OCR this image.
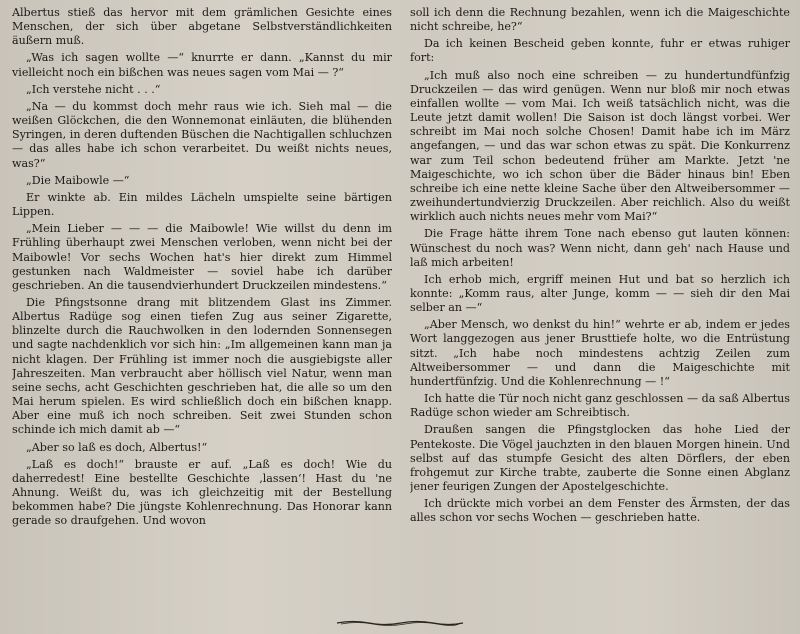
Albertus stieß das hervor mit dem grämlichen Gesichte eines Menschen, der sich über abgetane Selbstverständlichkeiten äußern muß.

„Was ich sagen wollte —“ knurrte er dann. „Kannst du mir vielleicht noch ein bißchen was neues sagen vom Mai — ?“

„Ich verstehe nicht . . .“

„Na — du kommst doch mehr raus wie ich. Sieh mal — die weißen Glöckchen, die den Wonnemonat einläuten, die blühenden Syringen, in deren duftenden Büschen die Nachtigallen schluchzen — das alles habe ich schon verarbeitet. Du weißt nichts neues, was?“

„Die Maibowle —“

Er winkte ab. Ein mildes Lächeln umspielte seine bärtigen Lippen.

„Mein Lieber — — — die Maibowle! Wie willst du denn im Frühling überhaupt zwei Menschen verloben, wenn nicht bei der Maibowle! Vor sechs Wochen hat's hier direkt zum Himmel gestunken nach Waldmeister — soviel habe ich darüber geschrieben. An die tausendvierhundert Druckzeilen mindestens.“

Die Pfingstsonne drang mit blitzendem Glast ins Zimmer. Albertus Radüge sog einen tiefen Zug aus seiner Zigarette, blinzelte durch die Rauchwolken in den lodernden Sonnensegen und sagte nachdenklich vor sich hin: „Im allgemeinen kann man ja nicht klagen. Der Frühling ist immer noch die ausgiebigste aller Jahreszeiten. Man verbraucht aber höllisch viel Natur, wenn man seine sechs, acht Geschichten geschrieben hat, die alle so um den Mai herum spielen. Es wird schließlich doch ein bißchen knapp. Aber eine muß ich noch schreiben. Seit zwei Stunden schon schinde ich mich damit ab —“

„Aber so laß es doch, Albertus!“

„Laß es doch!“ brauste er auf. „Laß es doch! Wie du daherredest! Eine bestellte Geschichte ‚lassen‘! Hast du 'ne Ahnung. Weißt du, was ich gleichzeitig mit der Bestellung bekommen habe? Die jüngste Kohlenrechnung. Das Honorar kann gerade so draufgehen. Und wovon

soll ich denn die Rechnung bezahlen, wenn ich die Maigeschichte nicht schreibe, he?“

Da ich keinen Bescheid geben konnte, fuhr er etwas ruhiger fort:

„Ich muß also noch eine schreiben — zu hundertundfünfzig Druckzeilen — das wird genügen. Wenn nur bloß mir noch etwas einfallen wollte — vom Mai. Ich weiß tatsächlich nicht, was die Leute jetzt damit wollen! Die Saison ist doch längst vorbei. Wer schreibt im Mai noch solche Chosen! Damit habe ich im März angefangen, — und das war schon etwas zu spät. Die Konkurrenz war zum Teil schon bedeutend früher am Markte. Jetzt 'ne Maigeschichte, wo ich schon über die Bäder hinaus bin! Eben schreibe ich eine nette kleine Sache über den Altweibersommer — zweihundertundvierzig Druckzeilen. Aber reichlich. Also du weißt wirklich auch nichts neues mehr vom Mai?“

Die Frage hätte ihrem Tone nach ebenso gut lauten können: Wünschest du noch was? Wenn nicht, dann geh' nach Hause und laß mich arbeiten!

Ich erhob mich, ergriff meinen Hut und bat so herzlich ich konnte: „Komm raus, alter Junge, komm — — sieh dir den Mai selber an —“

„Aber Mensch, wo denkst du hin!“ wehrte er ab, indem er jedes Wort langgezogen aus jener Brusttiefe holte, wo die Entrüstung sitzt. „Ich habe noch mindestens achtzig Zeilen zum Altweibersommer — und dann die Maigeschichte mit hundertfünfzig. Und die Kohlenrechnung — !“

Ich hatte die Tür noch nicht ganz geschlossen — da saß Albertus Radüge schon wieder am Schreibtisch.

Draußen sangen die Pfingstglocken das hohe Lied der Pentekoste. Die Vögel jauchzten in den blauen Morgen hinein. Und selbst auf das stumpfe Gesicht des alten Dörflers, der eben frohgemut zur Kirche trabte, zauberte die Sonne einen Abglanz jener feurigen Zungen der Apostelgeschichte.

Ich drückte mich vorbei an dem Fenster des Ärmsten, der das alles schon vor sechs Wochen — geschrieben hatte.
